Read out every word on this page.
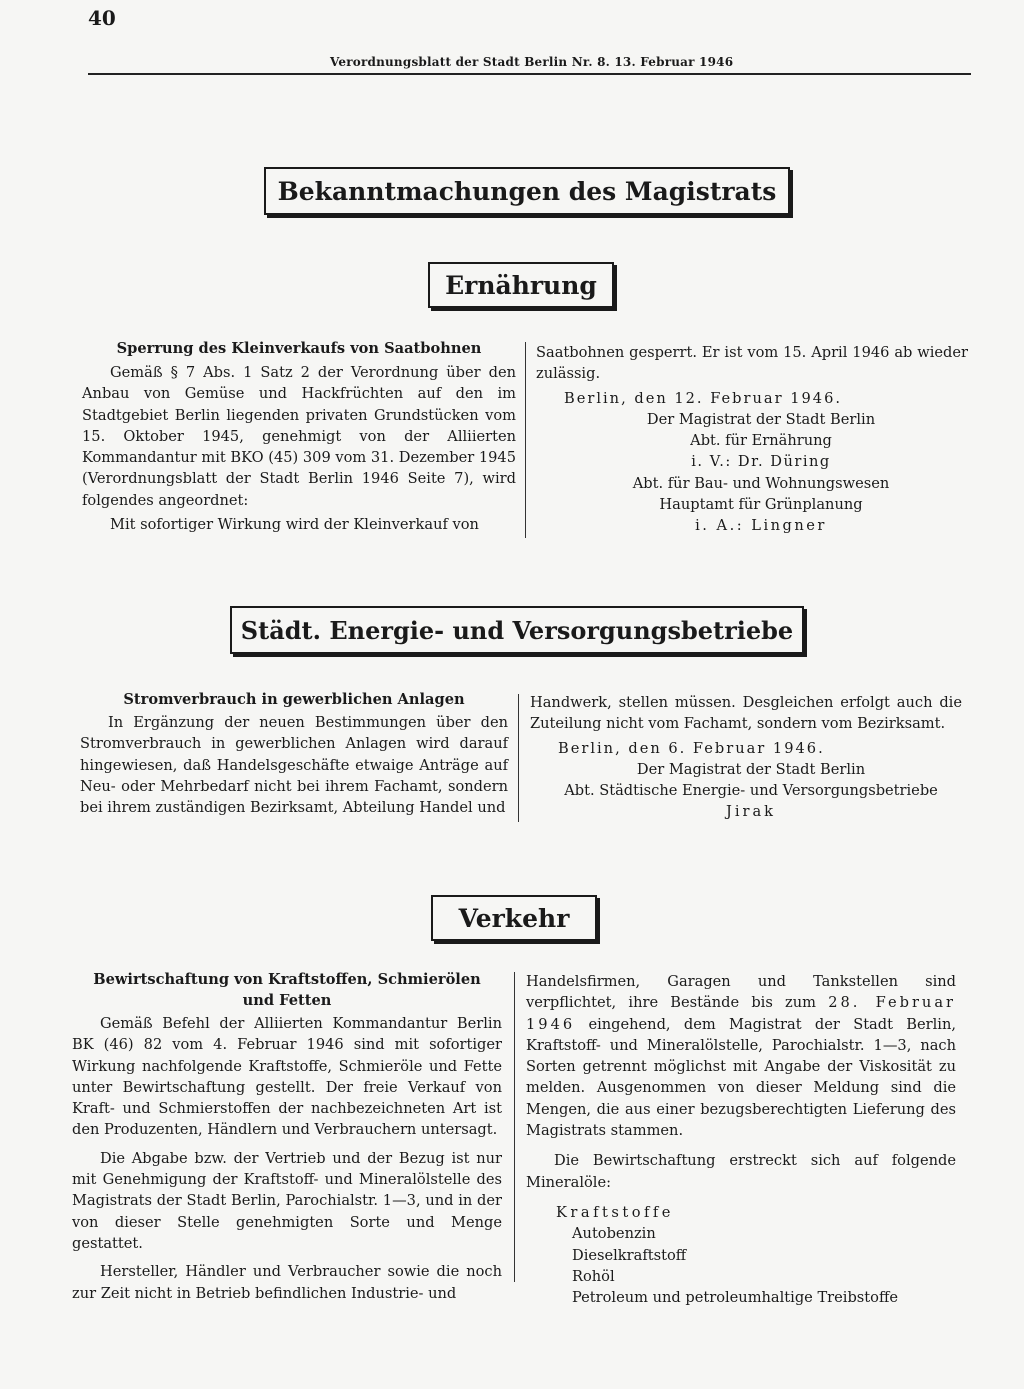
40
Verordnungsblatt der Stadt Berlin Nr. 8. 13. Februar 1946
Bekanntmachungen des Magistrats
Ernährung

Sperrung des Kleinverkaufs von Saatbohnen

Gemäß § 7 Abs. 1 Satz 2 der Verordnung über den Anbau von Gemüse und Hackfrüchten auf den im Stadtgebiet Berlin liegenden privaten Grundstücken vom 15. Oktober 1945, genehmigt von der Alliierten Kommandantur mit BKO (45) 309 vom 31. Dezember 1945 (Verordnungsblatt der Stadt Berlin 1946 Seite 7), wird folgendes angeordnet:

Mit sofortiger Wirkung wird der Kleinverkauf von

Saatbohnen gesperrt. Er ist vom 15. April 1946 ab wieder zulässig.

Berlin, den 12. Februar 1946.

Der Magistrat der Stadt Berlin

Abt. für Ernährung

i. V.: Dr. Düring

Abt. für Bau- und Wohnungswesen

Hauptamt für Grünplanung

i. A.: Lingner

Städt. Energie- und Versorgungsbetriebe

Stromverbrauch in gewerblichen Anlagen

In Ergänzung der neuen Bestimmungen über den Stromverbrauch in gewerblichen Anlagen wird darauf hingewiesen, daß Handelsgeschäfte etwaige Anträge auf Neu- oder Mehrbedarf nicht bei ihrem Fachamt, sondern bei ihrem zuständigen Bezirksamt, Abteilung Handel und

Handwerk, stellen müssen. Desgleichen erfolgt auch die Zuteilung nicht vom Fachamt, sondern vom Bezirksamt.

Berlin, den 6. Februar 1946.

Der Magistrat der Stadt Berlin

Abt. Städtische Energie- und Versorgungsbetriebe

Jirak

Verkehr

Bewirtschaftung von Kraftstoffen, Schmierölen

und Fetten

Gemäß Befehl der Alliierten Kommandantur Berlin BK (46) 82 vom 4. Februar 1946 sind mit sofortiger Wirkung nachfolgende Kraftstoffe, Schmieröle und Fette unter Bewirtschaftung gestellt. Der freie Verkauf von Kraft- und Schmierstoffen der nachbezeichneten Art ist den Produzenten, Händlern und Verbrauchern untersagt.

Die Abgabe bzw. der Vertrieb und der Bezug ist nur mit Genehmigung der Kraftstoff- und Mineralölstelle des Magistrats der Stadt Berlin, Parochialstr. 1—3, und in der von dieser Stelle genehmigten Sorte und Menge gestattet.

Hersteller, Händler und Verbraucher sowie die noch zur Zeit nicht in Betrieb befindlichen Industrie- und

Handelsfirmen, Garagen und Tankstellen sind verpflichtet, ihre Bestände bis zum 28. Februar 1946 eingehend, dem Magistrat der Stadt Berlin, Kraftstoff- und Mineralölstelle, Parochialstr. 1—3, nach Sorten getrennt möglichst mit Angabe der Viskosität zu melden. Ausgenommen von dieser Meldung sind die Mengen, die aus einer bezugsberechtigten Lieferung des Magistrats stammen.

Die Bewirtschaftung erstreckt sich auf folgende Mineralöle:

Kraftstoffe

Autobenzin

Dieselkraftstoff

Rohöl

Petroleum und petroleumhaltige Treibstoffe
